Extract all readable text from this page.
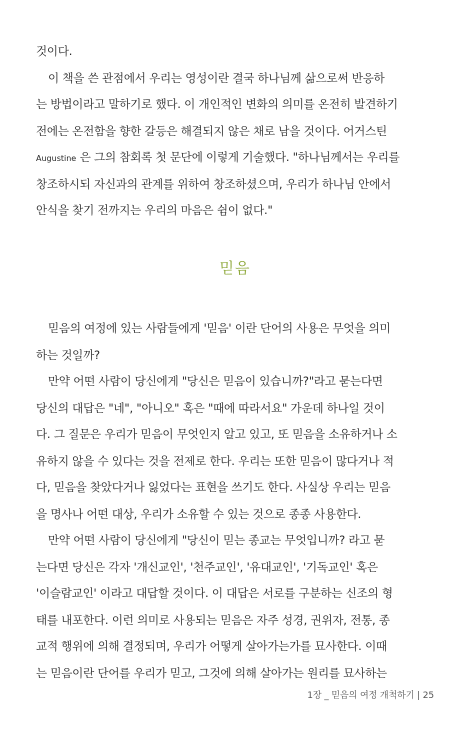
것이다.
이 책을 쓴 관점에서 우리는 영성이란 결국 하나님께 삶으로써 반응하
는 방법이라고 말하기로 했다. 이 개인적인 변화의 의미를 온전히 발견하기
전에는 온전함을 향한 갈등은 해결되지 않은 채로 남을 것이다. 어거스틴
Augustine 은 그의 참회록 첫 문단에 이렇게 기술했다. "하나님께서는 우리를
창조하시되 자신과의 관계를 위하여 창조하셨으며, 우리가 하나님 안에서
안식을 찾기 전까지는 우리의 마음은 쉼이 없다."
믿음
믿음의 여정에 있는 사람들에게 '믿음' 이란 단어의 사용은 무엇을 의미
하는 것일까?
만약 어떤 사람이 당신에게 "당신은 믿음이 있습니까?"라고 묻는다면
당신의 대답은 "네", "아니오" 혹은 "때에 따라서요" 가운데 하나일 것이
다. 그 질문은 우리가 믿음이 무엇인지 알고 있고, 또 믿음을 소유하거나 소
유하지 않을 수 있다는 것을 전제로 한다. 우리는 또한 믿음이 많다거나 적
다, 믿음을 찾았다거나 잃었다는 표현을 쓰기도 한다. 사실상 우리는 믿음
을 명사나 어떤 대상, 우리가 소유할 수 있는 것으로 종종 사용한다.
만약 어떤 사람이 당신에게 "당신이 믿는 종교는 무엇입니까? 라고 묻
는다면 당신은 각자 '개신교인', '천주교인', '유대교인', '기독교인' 혹은
'이슬람교인' 이라고 대답할 것이다. 이 대답은 서로를 구분하는 신조의 형
태를 내포한다. 이런 의미로 사용되는 믿음은 자주 성경, 권위자, 전통, 종
교적 행위에 의해 결정되며, 우리가 어떻게 살아가는가를 묘사한다. 이때
는 믿음이란 단어를 우리가 믿고, 그것에 의해 살아가는 원리를 묘사하는
1장 _ 믿음의 여정 개척하기 | 25
